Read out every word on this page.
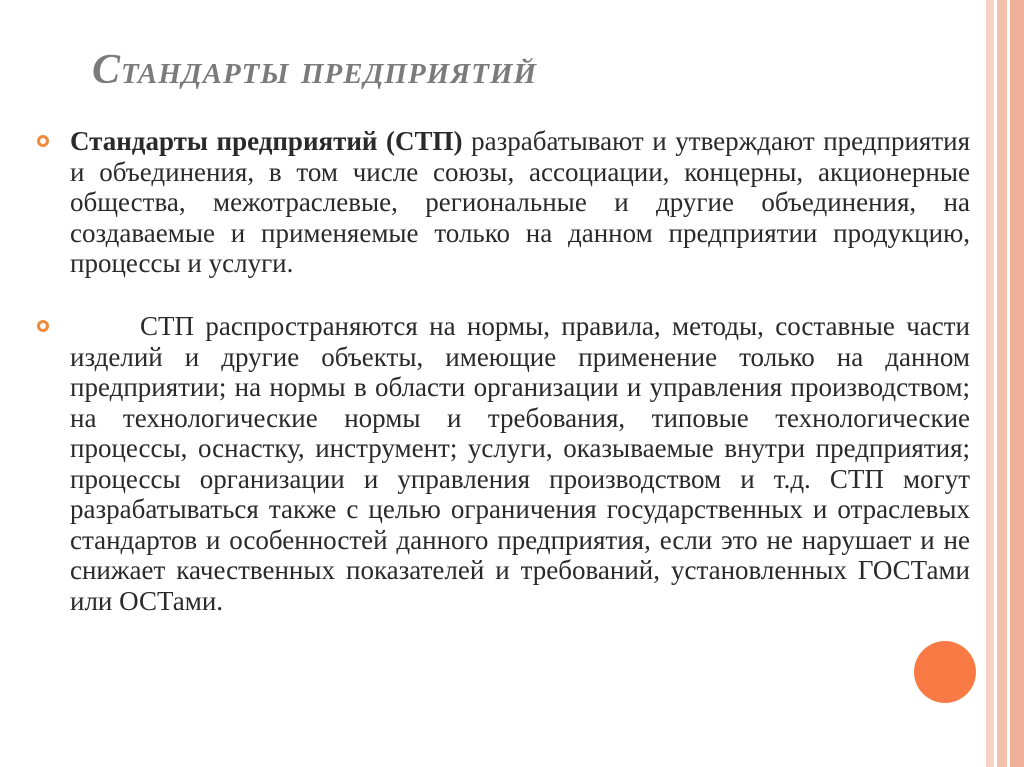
Стандарты предприятий

Стандарты предприятий (СТП) разрабатывают и утверждают предприятия и объединения, в том числе союзы, ассоциации, концерны, акционерные общества, межотраслевые, региональные и другие объединения, на создаваемые и применяемые только на данном предприятии продукцию, процессы и услуги.

СТП распространяются на нормы, правила, методы, составные части изделий и другие объекты, имеющие применение только на данном предприятии; на нормы в области организации и управления производством; на технологические нормы и требования, типовые технологические процессы, оснастку, инструмент; услуги, оказываемые внутри предприятия; процессы организации и управления производством и т.д. СТП могут разрабатываться также с целью ограничения государственных и отраслевых стандартов и особенностей данного предприятия, если это не нарушает и не снижает качественных показателей и требований, установленных ГОСТами или ОСТами.
